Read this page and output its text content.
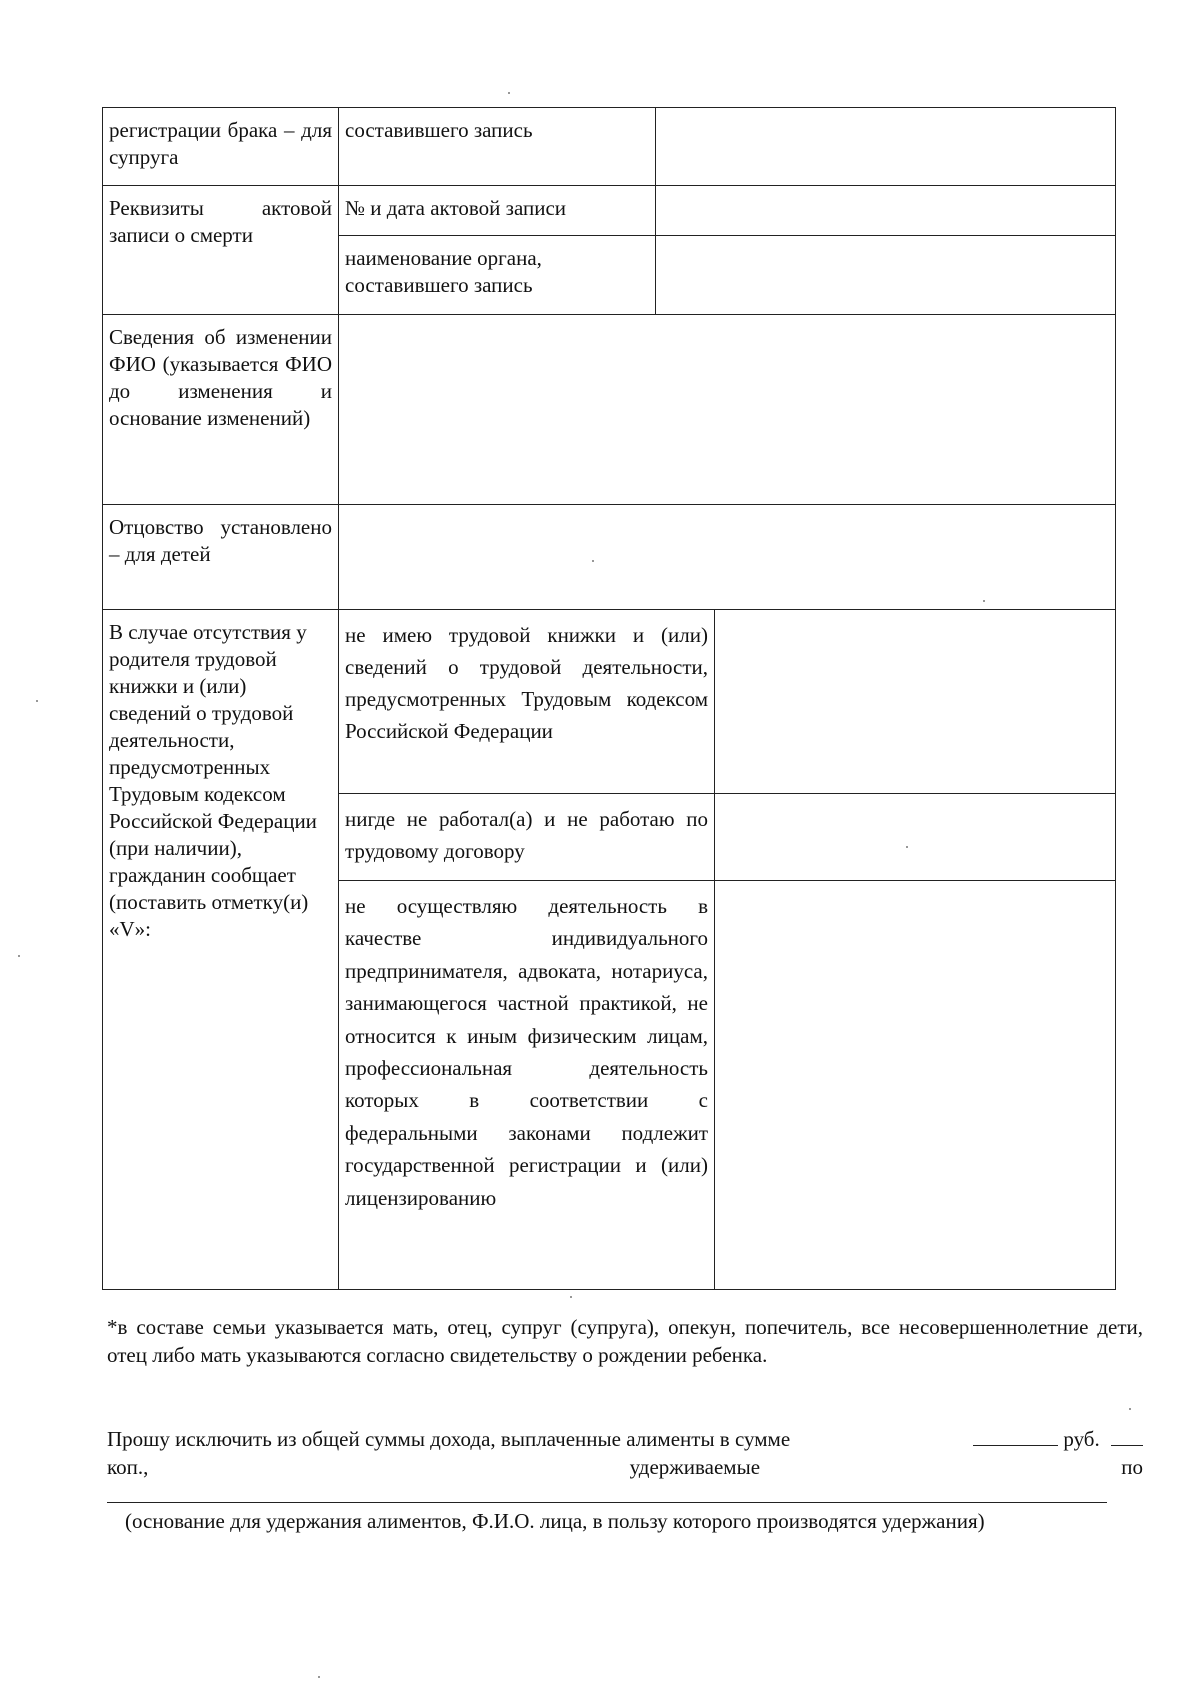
регистрации брака – для супруга	составившего запись		
Реквизиты актовой записи о смерти	№ и дата актовой записи		
	наименование органа, составившего запись		
Сведения об изменении ФИО (указывается ФИО до изменения и основание изменений)			
Отцовство установлено – для детей			
В случае отсутствия у родителя трудовой книжки и (или) сведений о трудовой деятельности, предусмотренных Трудовым кодексом Российской Федерации (при наличии), гражданин сообщает (поставить отметку(и) «V»:	не имею трудовой книжки и (или) сведений о трудовой деятельности, предусмотренных Трудовым кодексом Российской Федерации		
	нигде не работал(а) и не работаю по трудовому договору		
	не осуществляю деятельность в качестве индивидуального предпринимателя, адвоката, нотариуса, занимающегося частной практикой, не относится к иным физическим лицам, профессиональная деятельность которых в соответствии с федеральными законами подлежит государственной регистрации и (или) лицензированию		

*в составе семьи указывается мать, отец, супруг (супруга), опекун, попечитель, все несовершеннолетние дети, отец либо мать указываются согласно свидетельству о рождении ребенка.

Прошу исключить из общей суммы дохода, выплаченные алименты в сумме	руб.
коп.,	удерживаемые	по
(основание для удержания алиментов, Ф.И.О. лица, в пользу которого производятся удержания)
